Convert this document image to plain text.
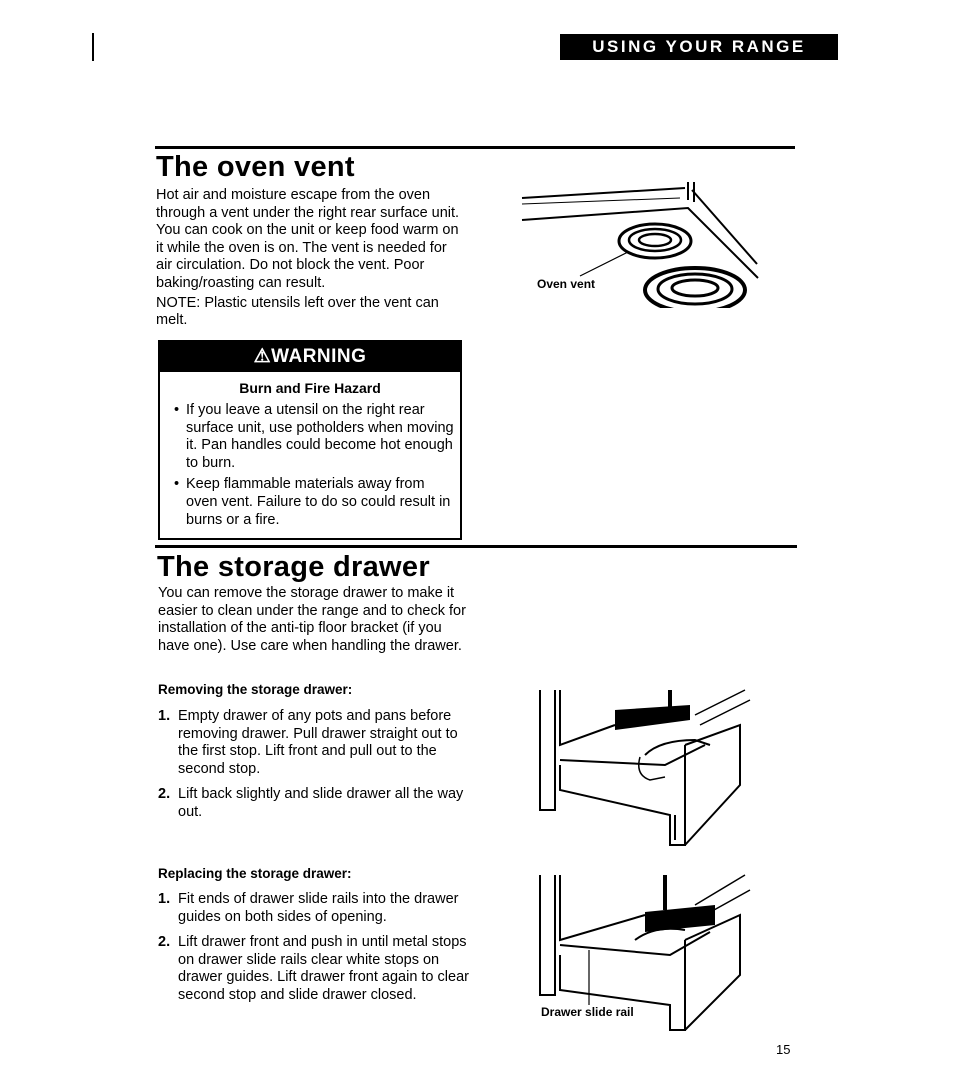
USING YOUR RANGE
The oven vent

Hot air and moisture escape from the oven through a vent under the right rear surface unit. You can cook on the unit or keep food warm on it while the oven is on. The vent is needed for air circulation. Do not block the vent. Poor baking/roasting can result.

NOTE: Plastic utensils left over the vent can melt.

Oven vent
⚠WARNING
Burn and Fire Hazard
• If you leave a utensil on the right rear surface unit, use potholders when moving it. Pan handles could become hot enough to burn.
• Keep flammable materials away from oven vent. Failure to do so could result in burns or a fire.
The storage drawer
You can remove the storage drawer to make it easier to clean under the range and to check for installation of the anti-tip floor bracket (if you have one). Use care when handling the drawer.
Removing the storage drawer:
1. Empty drawer of any pots and pans before removing drawer. Pull drawer straight out to the first stop. Lift front and pull out to the second stop.
2. Lift back slightly and slide drawer all the way out.
Replacing the storage drawer:
1. Fit ends of drawer slide rails into the drawer guides on both sides of opening.
2. Lift drawer front and push in until metal stops on drawer slide rails clear white stops on drawer guides. Lift drawer front again to clear second stop and slide drawer closed.
Drawer slide rail
15
